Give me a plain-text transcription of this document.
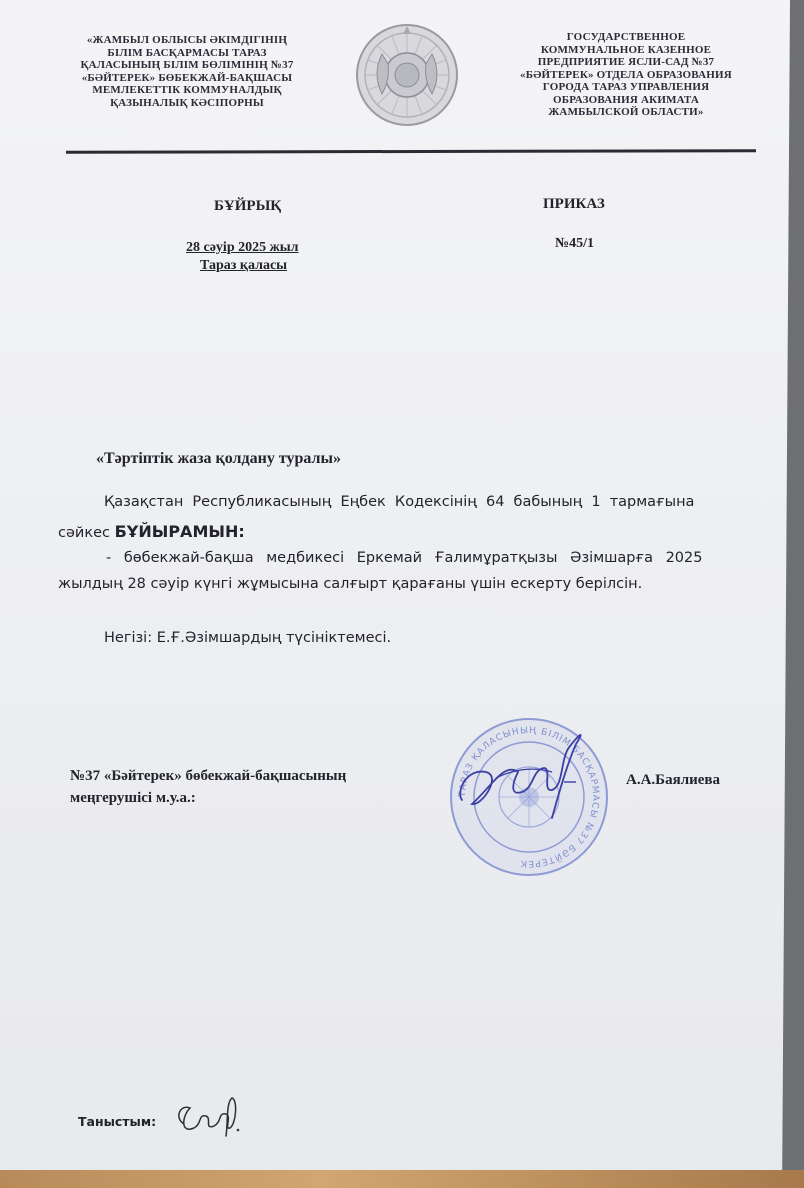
«ЖАМБЫЛ ОБЛЫСЫ ӘКІМДІГІНІҢ
БІЛІМ БАСҚАРМАСЫ ТАРАЗ
ҚАЛАСЫНЫҢ БІЛІМ БӨЛІМІНІҢ №37
«БӘЙТЕРЕК» БӨБЕКЖАЙ-БАҚШАСЫ
МЕМЛЕКЕТТІК КОММУНАЛДЫҚ
ҚАЗЫНАЛЫҚ КӘСІПОРНЫ
ГОСУДАРСТВЕННОЕ
КОММУНАЛЬНОЕ КАЗЕННОЕ
ПРЕДПРИЯТИЕ ЯСЛИ-САД №37
«БӘЙТЕРЕК» ОТДЕЛА ОБРАЗОВАНИЯ
ГОРОДА ТАРАЗ УПРАВЛЕНИЯ
ОБРАЗОВАНИЯ АКИМАТА
ЖАМБЫЛСКОЙ ОБЛАСТИ»
БҰЙРЫҚ	ПРИКАЗ
28 сәуір 2025 жыл	№45/1
Тараз қаласы
«Тәртіптік жаза қолдану туралы»
Қазақстан Республикасының Еңбек Кодексінің 64 бабының 1 тармағына
сәйкес БҰЙЫРАМЫН:
- бөбекжай-бақша медбикесі Еркемай Ғалимұратқызы Әзімшарға 2025
жылдың 28 сәуір күнгі жұмысына салғырт қарағаны үшін ескерту берілсін.
Негізі: Е.Ғ.Әзімшардың түсініктемесі.
№37 «Бәйтерек» бөбекжай-бақшасының
меңгерушісі м.у.а.:
А.А.Баялиева
ТАРАЗ ҚАЛАСЫНЫҢ БІЛІМ БАСҚАРМАСЫ №37 БӘЙТЕРЕК
Таныстым:
